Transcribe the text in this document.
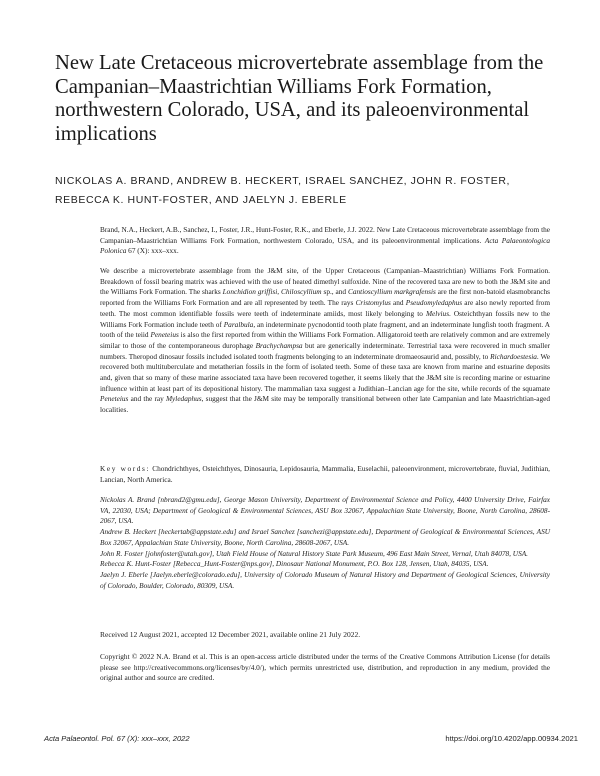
New Late Cretaceous microvertebrate assemblage from the Campanian–Maastrichtian Williams Fork Formation, northwestern Colorado, USA, and its paleoenvironmental implications
NICKOLAS A. BRAND, ANDREW B. HECKERT, ISRAEL SANCHEZ, JOHN R. FOSTER,
REBECCA K. HUNT-FOSTER, AND JAELYN J. EBERLE
Brand, N.A., Heckert, A.B., Sanchez, I., Foster, J.R., Hunt-Foster, R.K., and Eberle, J.J. 2022. New Late Cretaceous microvertebrate assemblage from the Campanian–Maastrichtian Williams Fork Formation, northwestern Colorado, USA, and its paleoenvironmental implications. Acta Palaeontologica Polonica 67 (X): xxx–xxx.
We describe a microvertebrate assemblage from the J&M site, of the Upper Cretaceous (Campanian–Maastrichtian) Williams Fork Formation. Breakdown of fossil bearing matrix was achieved with the use of heated dimethyl sulfoxide. Nine of the recovered taxa are new to both the J&M site and the Williams Fork Formation. The sharks Lonchidion griffisi, Chiloscyllium sp., and Cantioscyllium markgrafensis are the first non-batoid elasmobranchs reported from the Williams Fork Formation and are all represented by teeth. The rays Cristomylus and Pseudomyledaphus are also newly reported from teeth. The most common identifiable fossils were teeth of indeterminate amiids, most likely belonging to Melvius. Osteichthyan fossils new to the Williams Fork Formation include teeth of Paralbula, an indeterminate pycnodontid tooth plate fragment, and an indeterminate lungfish tooth fragment. A tooth of the teiid Peneteius is also the first reported from within the Williams Fork Formation. Alligatoroid teeth are relatively common and are extremely similar to those of the contemporaneous durophage Brachychampsa but are generically indeterminate. Terrestrial taxa were recovered in much smaller numbers. Theropod dinosaur fossils included isolated tooth fragments belonging to an indeterminate dromaeosaurid and, possibly, to Richardoestesia. We recovered both multituberculate and metatherian fossils in the form of isolated teeth. Some of these taxa are known from marine and estuarine deposits and, given that so many of these marine associated taxa have been recovered together, it seems likely that the J&M site is recording marine or estuarine influence within at least part of its depositional history. The mammalian taxa suggest a Judithian–Lancian age for the site, while records of the squamate Peneteius and the ray Myledaphus, suggest that the J&M site may be temporally transitional between other late Campanian and late Maastrichtian-aged localities.
Key words: Chondrichthyes, Osteichthyes, Dinosauria, Lepidosauria, Mammalia, Euselachii, paleoenvironment, microvertebrate, fluvial, Judithian, Lancian, North America.

Nickolas A. Brand [nbrand2@gmu.edu], George Mason University, Department of Environmental Science and Policy, 4400 University Drive, Fairfax VA, 22030, USA; Department of Geological & Environmental Sciences, ASU Box 32067, Appalachian State University, Boone, North Carolina, 28608-2067, USA.

Andrew B. Heckert [heckertab@appstate.edu] and Israel Sanchez [sanchezi@appstate.edu], Department of Geological & Environmental Sciences, ASU Box 32067, Appalachian State University, Boone, North Carolina, 28608-2067, USA.

John R. Foster [johnfoster@utah.gov], Utah Field House of Natural History State Park Museum, 496 East Main Street, Vernal, Utah 84078, USA.

Rebecca K. Hunt-Foster [Rebecca_Hunt-Foster@nps.gov], Dinosaur National Monument, P.O. Box 128, Jensen, Utah, 84035, USA.

Jaelyn J. Eberle [Jaelyn.eberle@colorado.edu], University of Colorado Museum of Natural History and Department of Geological Sciences, University of Colorado, Boulder, Colorado, 80309, USA.

Received 12 August 2021, accepted 12 December 2021, available online 21 July 2022.
Copyright © 2022 N.A. Brand et al. This is an open-access article distributed under the terms of the Creative Commons Attribution License (for details please see http://creativecommons.org/licenses/by/4.0/), which permits unrestricted use, distribution, and reproduction in any medium, provided the original author and source are credited.
Acta Palaeontol. Pol. 67 (X): xxx–xxx, 2022	https://doi.org/10.4202/app.00934.2021
